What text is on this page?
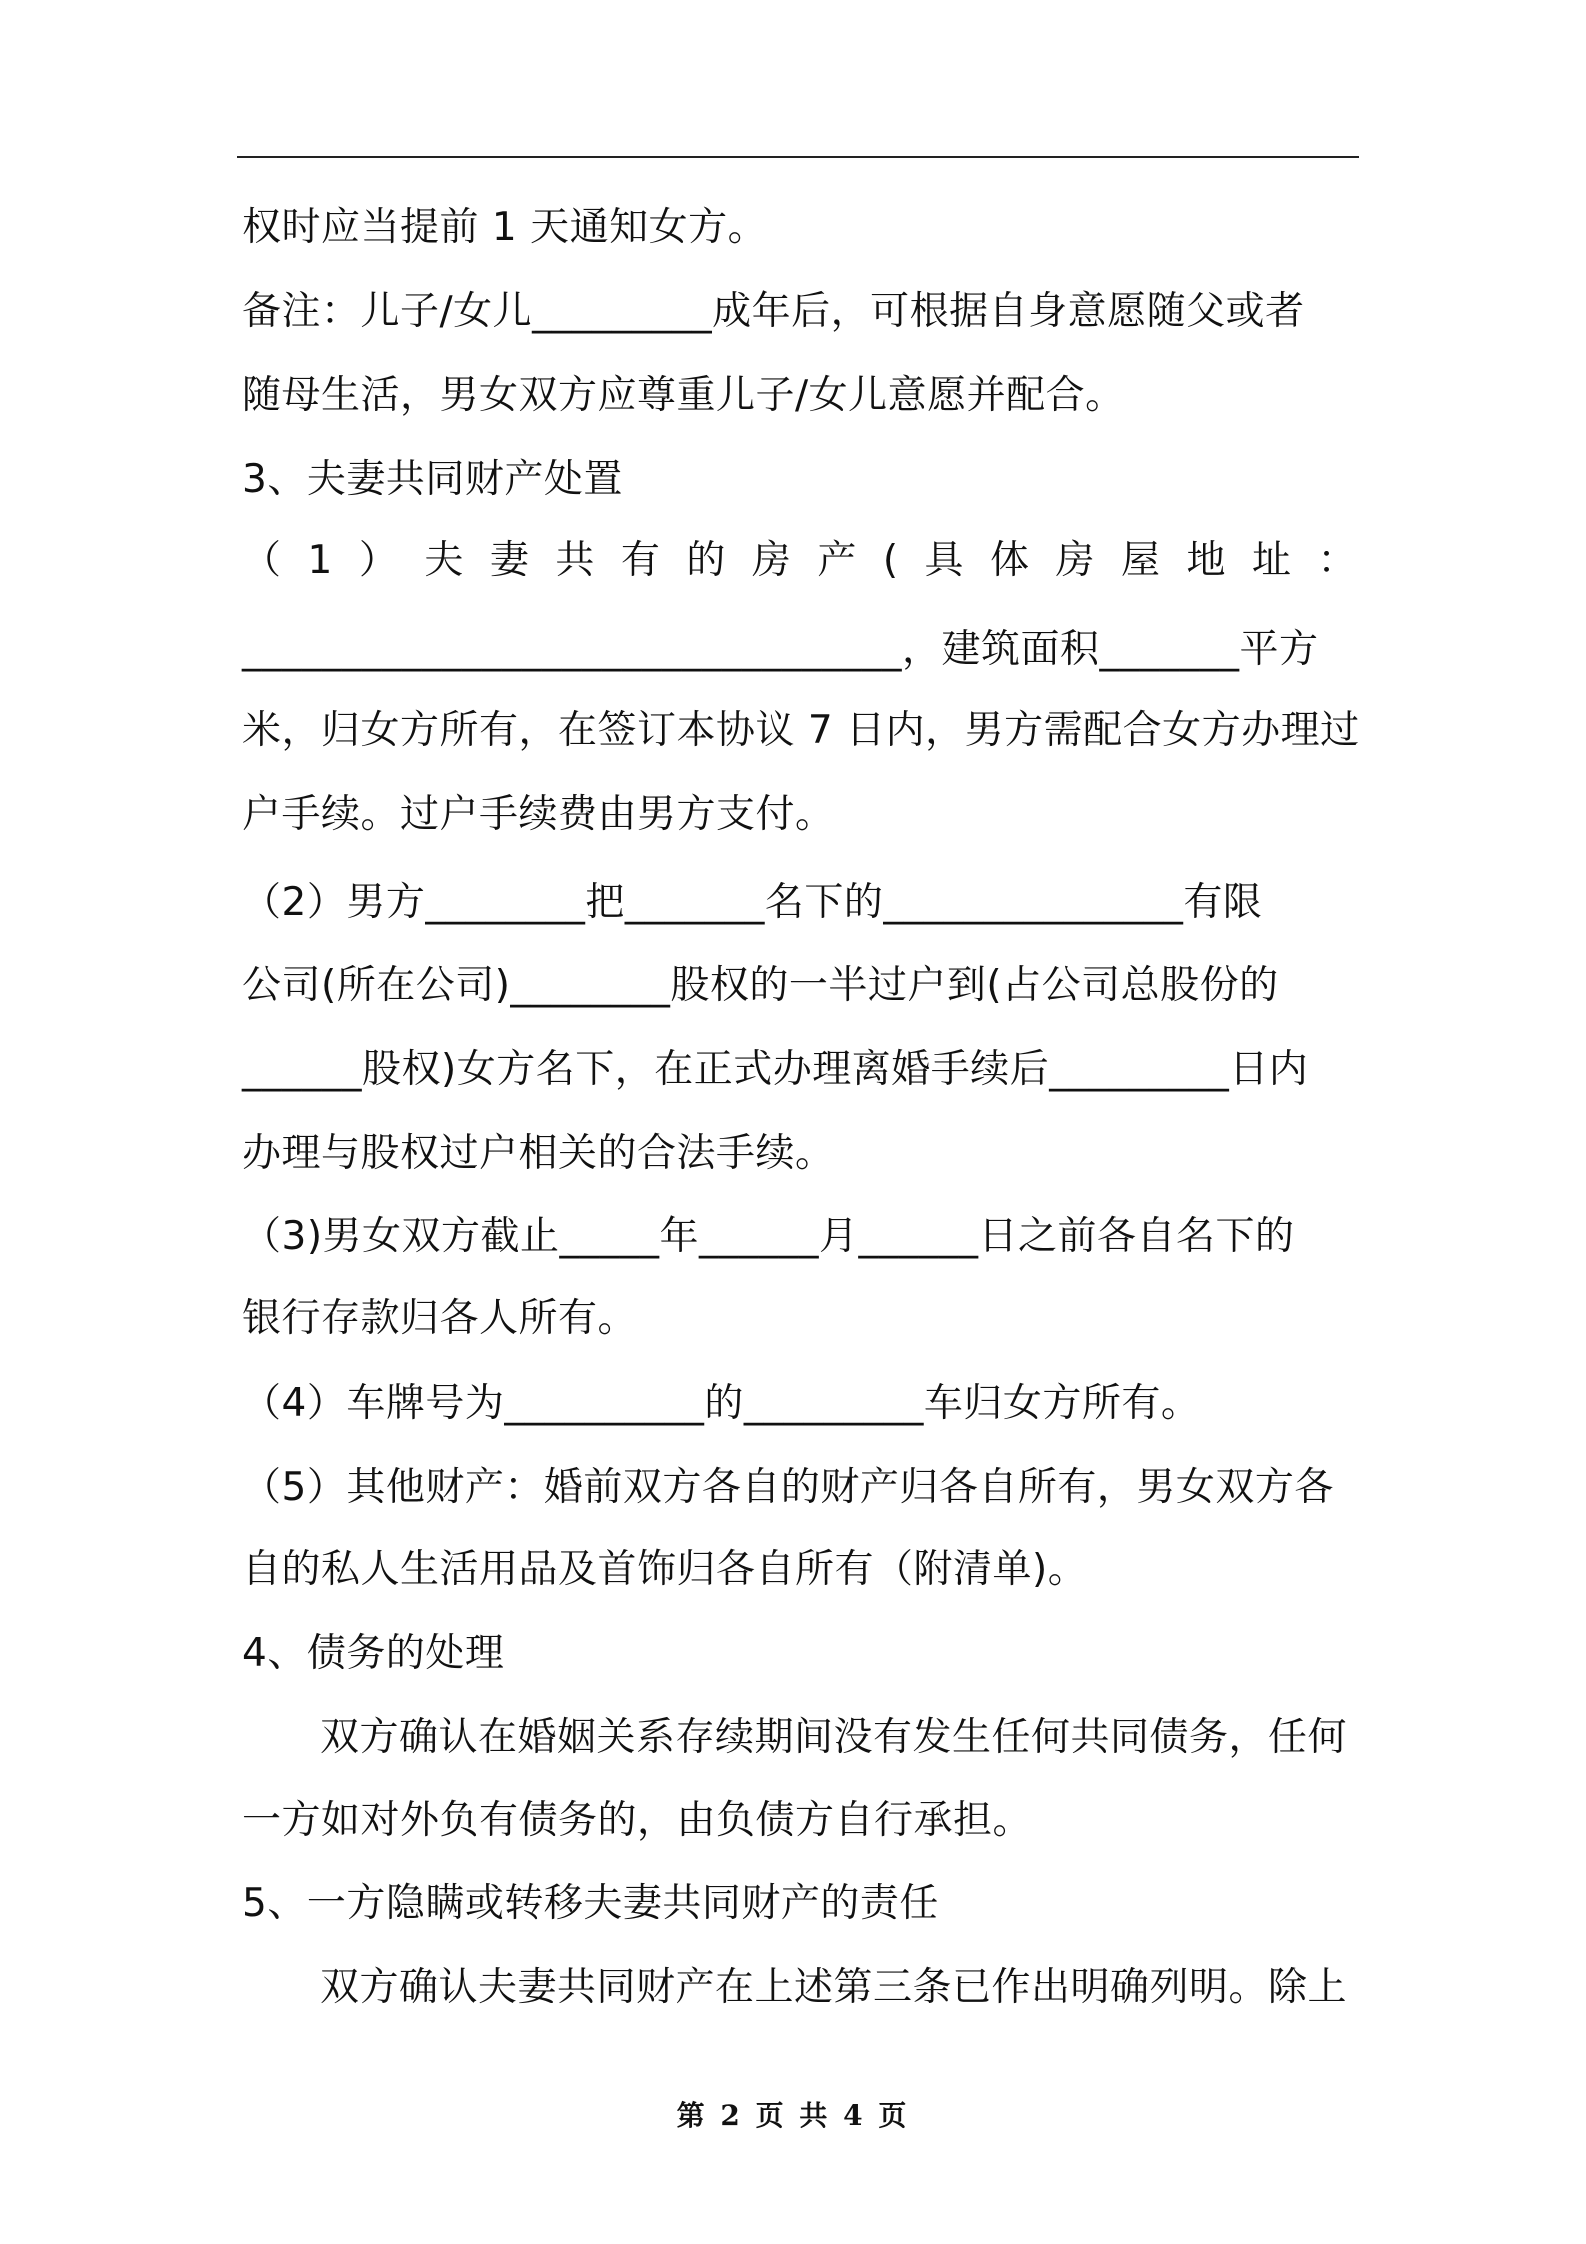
权时应当提前 1 天通知女方。
备注：儿子/女儿_________成年后，可根据自身意愿随父或者
随母生活，男女双方应尊重儿子/女儿意愿并配合。
3、夫妻共同财产处置
（1）夫妻共有的房产(具体房屋地址：
_________________________________，建筑面积_______平方
米，归女方所有，在签订本协议 7 日内，男方需配合女方办理过
户手续。过户手续费由男方支付。
（2）男方________把_______名下的_______________有限
公司(所在公司)________股权的一半过户到(占公司总股份的
______股权)女方名下，在正式办理离婚手续后_________日内
办理与股权过户相关的合法手续。
（3)男女双方截止_____年______月______日之前各自名下的
银行存款归各人所有。
（4）车牌号为__________的_________车归女方所有。
（5）其他财产：婚前双方各自的财产归各自所有，男女双方各
自的私人生活用品及首饰归各自所有（附清单)。
4、债务的处理
双方确认在婚姻关系存续期间没有发生任何共同债务，任何
一方如对外负有债务的，由负债方自行承担。
5、一方隐瞒或转移夫妻共同财产的责任
双方确认夫妻共同财产在上述第三条已作出明确列明。除上
第 2 页 共 4 页
